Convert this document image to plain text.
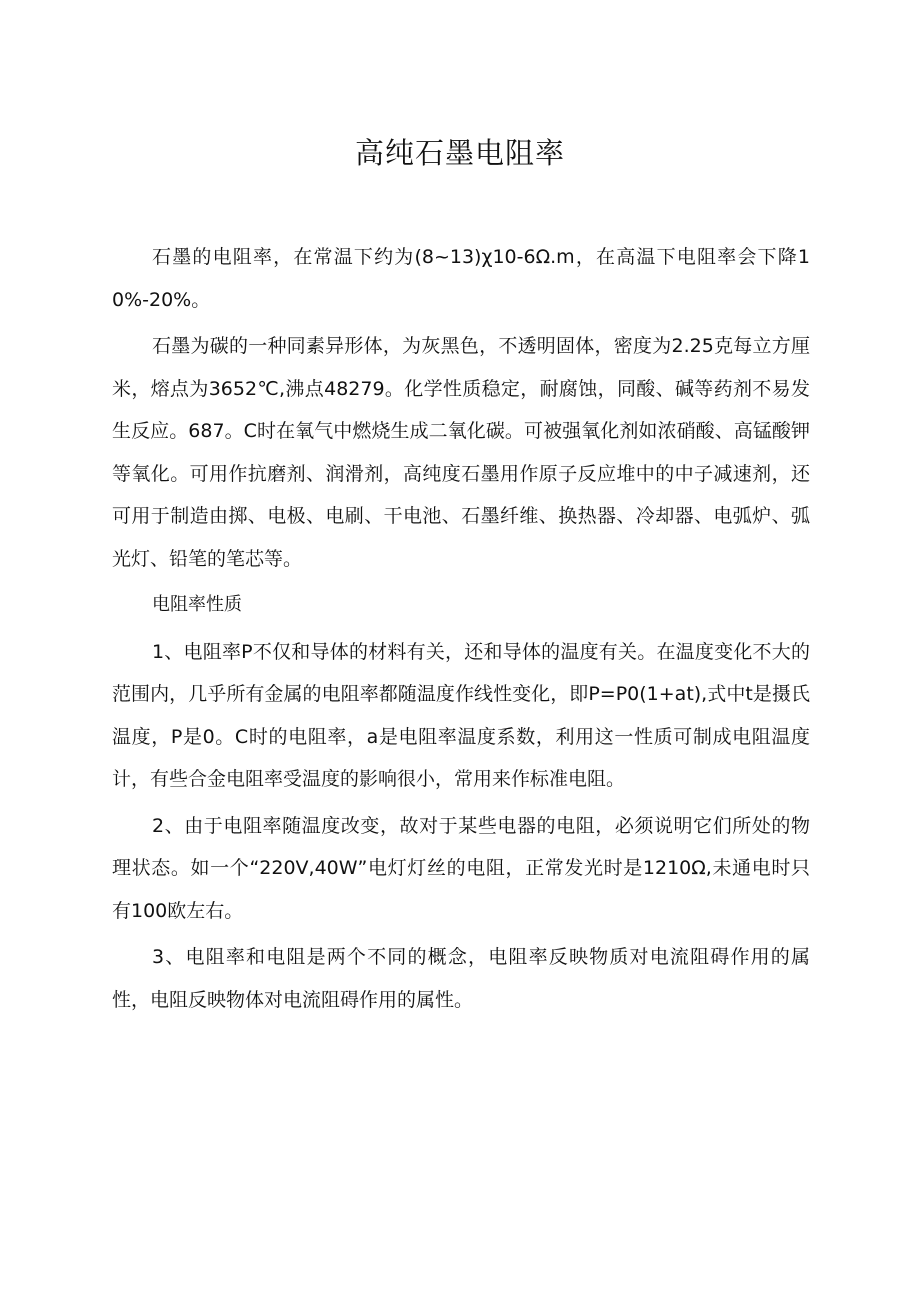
高纯石墨电阻率

石墨的电阻率，在常温下约为(8~13)χ10-6Ω.m，在高温下电阻率会下降10%-20%。

石墨为碳的一种同素异形体，为灰黑色，不透明固体，密度为2.25克每立方厘米，熔点为3652℃,沸点48279。化学性质稳定，耐腐蚀，同酸、碱等药剂不易发生反应。687。C时在氧气中燃烧生成二氧化碳。可被强氧化剂如浓硝酸、高锰酸钾等氧化。可用作抗磨剂、润滑剂，高纯度石墨用作原子反应堆中的中子减速剂，还可用于制造由掷、电极、电刷、干电池、石墨纤维、换热器、冷却器、电弧炉、弧光灯、铅笔的笔芯等。

电阻率性质

1、电阻率P不仅和导体的材料有关，还和导体的温度有关。在温度变化不大的范围内，几乎所有金属的电阻率都随温度作线性变化，即P=P0(1+at),式中t是摄氏温度，P是0。C时的电阻率，a是电阻率温度系数，利用这一性质可制成电阻温度计，有些合金电阻率受温度的影响很小，常用来作标准电阻。

2、由于电阻率随温度改变，故对于某些电器的电阻，必须说明它们所处的物理状态。如一个“220V,40W”电灯灯丝的电阻，正常发光时是1210Ω,未通电时只有100欧左右。

3、电阻率和电阻是两个不同的概念，电阻率反映物质对电流阻碍作用的属性，电阻反映物体对电流阻碍作用的属性。
